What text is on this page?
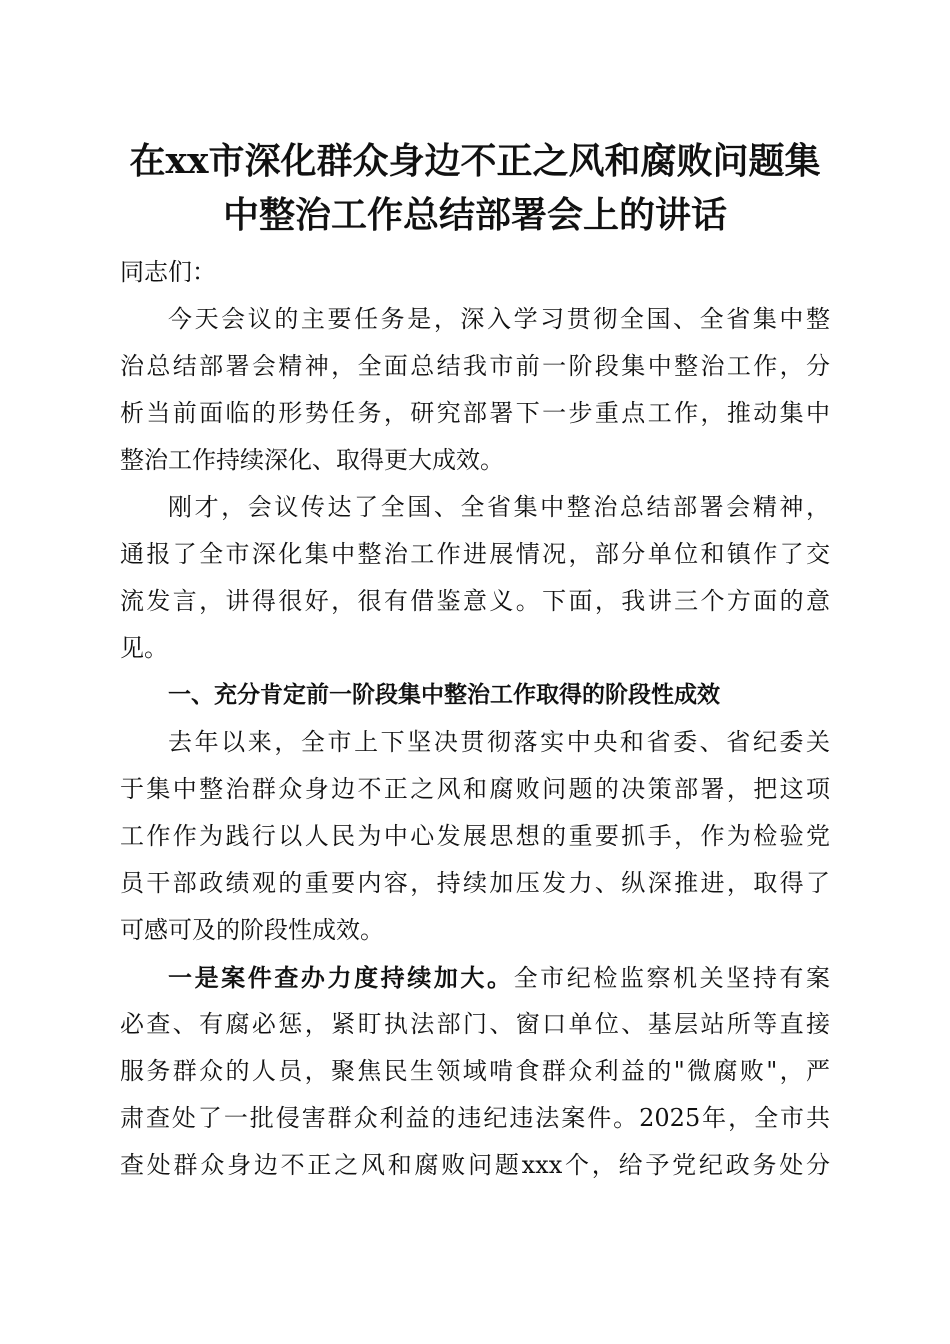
在xx市深化群众身边不正之风和腐败问题集
中整治工作总结部署会上的讲话
同志们：
今天会议的主要任务是，深入学习贯彻全国、全省集中整
治总结部署会精神，全面总结我市前一阶段集中整治工作，分
析当前面临的形势任务，研究部署下一步重点工作，推动集中
整治工作持续深化、取得更大成效。
刚才，会议传达了全国、全省集中整治总结部署会精神，
通报了全市深化集中整治工作进展情况，部分单位和镇作了交
流发言，讲得很好，很有借鉴意义。下面，我讲三个方面的意
见。
一、充分肯定前一阶段集中整治工作取得的阶段性成效
去年以来，全市上下坚决贯彻落实中央和省委、省纪委关
于集中整治群众身边不正之风和腐败问题的决策部署，把这项
工作作为践行以人民为中心发展思想的重要抓手，作为检验党
员干部政绩观的重要内容，持续加压发力、纵深推进，取得了
可感可及的阶段性成效。
一是案件查办力度持续加大。全市纪检监察机关坚持有案
必查、有腐必惩，紧盯执法部门、窗口单位、基层站所等直接
服务群众的人员，聚焦民生领域啃食群众利益的"微腐败"，严
肃查处了一批侵害群众利益的违纪违法案件。2025年，全市共
查处群众身边不正之风和腐败问题xxx个，给予党纪政务处分
